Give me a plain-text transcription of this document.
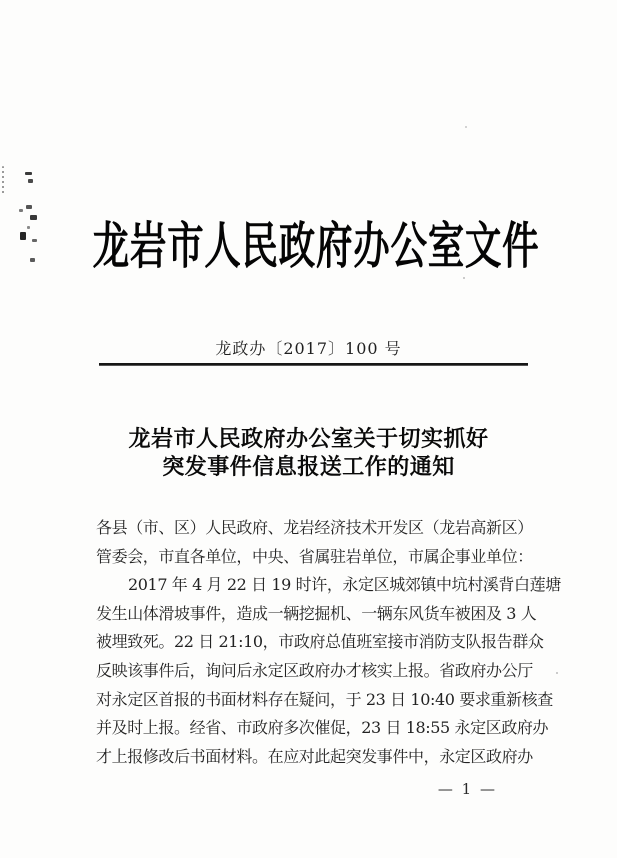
龙岩市人民政府办公室文件
龙政办〔2017〕100 号
龙岩市人民政府办公室关于切实抓好
突发事件信息报送工作的通知
各县（市、区）人民政府、龙岩经济技术开发区（龙岩高新区）
管委会，市直各单位，中央、省属驻岩单位，市属企事业单位：
2017 年 4 月 22 日 19 时许，永定区城郊镇中坑村溪背白莲塘
发生山体滑坡事件，造成一辆挖掘机、一辆东风货车被困及 3 人
被埋致死。22 日 21:10，市政府总值班室接市消防支队报告群众
反映该事件后，询问后永定区政府办才核实上报。省政府办公厅
对永定区首报的书面材料存在疑问，于 23 日 10:40 要求重新核查
并及时上报。经省、市政府多次催促，23 日 18:55 永定区政府办
才上报修改后书面材料。在应对此起突发事件中，永定区政府办
— 1 —
